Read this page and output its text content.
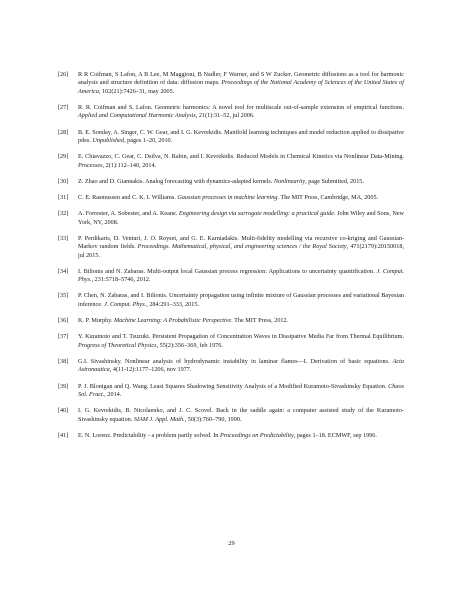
[26]	R R Coifman, S Lafon, A B Lee, M Maggioni, B Nadler, F Warner, and S W Zucker. Geometric diffusions as a tool for harmonic analysis and structure definition of data: diffusion maps. Proceedings of the National Academy of Sciences of the United States of America, 102(21):7426–31, may 2005.
[27]	R. R. Coifman and S. Lafon. Geometric harmonics: A novel tool for multiscale out-of-sample extension of empirical functions. Applied and Computational Harmonic Analysis, 21(1):31–52, jul 2006.
[28]	B. E. Sonday, A. Singer, C. W. Gear, and I. G. Kevrekidis. Manifold learning techniques and model reduction applied to dissipative pdes. Unpublished, pages 1–20, 2010.
[29]	E. Chiavazzo, C. Gear, C. Dsilva, N. Rabin, and I. Kevrekidis. Reduced Models in Chemical Kinetics via Nonlinear Data-Mining. Processes, 2(1):112–140, 2014.
[30]	Z. Zhao and D. Giannakis. Analog forecasting with dynamics-adapted kernels. Nonlinearity, page Submitted, 2015.
[31]	C. E. Rasmussen and C. K. I. Williams. Gaussian processes in machine learning. The MIT Press, Cambridge, MA, 2005.
[32]	A. Forrester, A. Sobester, and A. Keane. Engineering design via surrogate modelling: a practical guide. John Wiley and Sons, New York, NY, 2008.
[33]	P. Perdikaris, D. Venturi, J. O. Royset, and G. E. Karniadakis. Multi-fidelity modelling via recursive co-kriging and Gaussian-Markov random fields. Proceedings. Mathematical, physical, and engineering sciences / the Royal Society, 471(2179):20150018, jul 2015.
[34]	I. Bilionis and N. Zabaras. Multi-output local Gaussian process regression: Applications to uncertainty quantification. J. Comput. Phys., 231:5718–5746, 2012.
[35]	P. Chen, N. Zabaras, and I. Bilionis. Uncertainty propagation using infinite mixture of Gaussian processes and variational Bayesian inference. J. Comput. Phys., 284:291–333, 2015.
[36]	K. P. Murphy. Machine Learning: A Probabilistic Perspective. The MIT Press, 2012.
[37]	Y. Kuramoto and T. Tsuzuki. Persistent Propagation of Concentration Waves in Dissipative Media Far from Thermal Equilibrium. Progress of Theoretical Physics, 55(2):356–369, feb 1976.
[38]	G.I. Sivashinsky. Nonlinear analysis of hydrodynamic instability in laminar flames—I. Derivation of basic equations. Acta Astronautica, 4(11-12):1177–1206, nov 1977.
[39]	P. J. Blonigan and Q. Wang. Least Squares Shadowing Sensitivity Analysis of a Modified Kuramoto-Sivashinsky Equation. Chaos Sol. Fract., 2014.
[40]	I. G. Kevrekidis, B. Nicolaenko, and J. C. Scovel. Back in the saddle again: a computer assisted study of the Kuramoto-Sivashinsky equation. SIAM J. Appl. Math., 50(3):760–790, 1990.
[41]	E. N. Lorenz. Predictability - a problem partly solved. In Proceedings on Predictability, pages 1–18. ECMWF, sep 1996.
29
